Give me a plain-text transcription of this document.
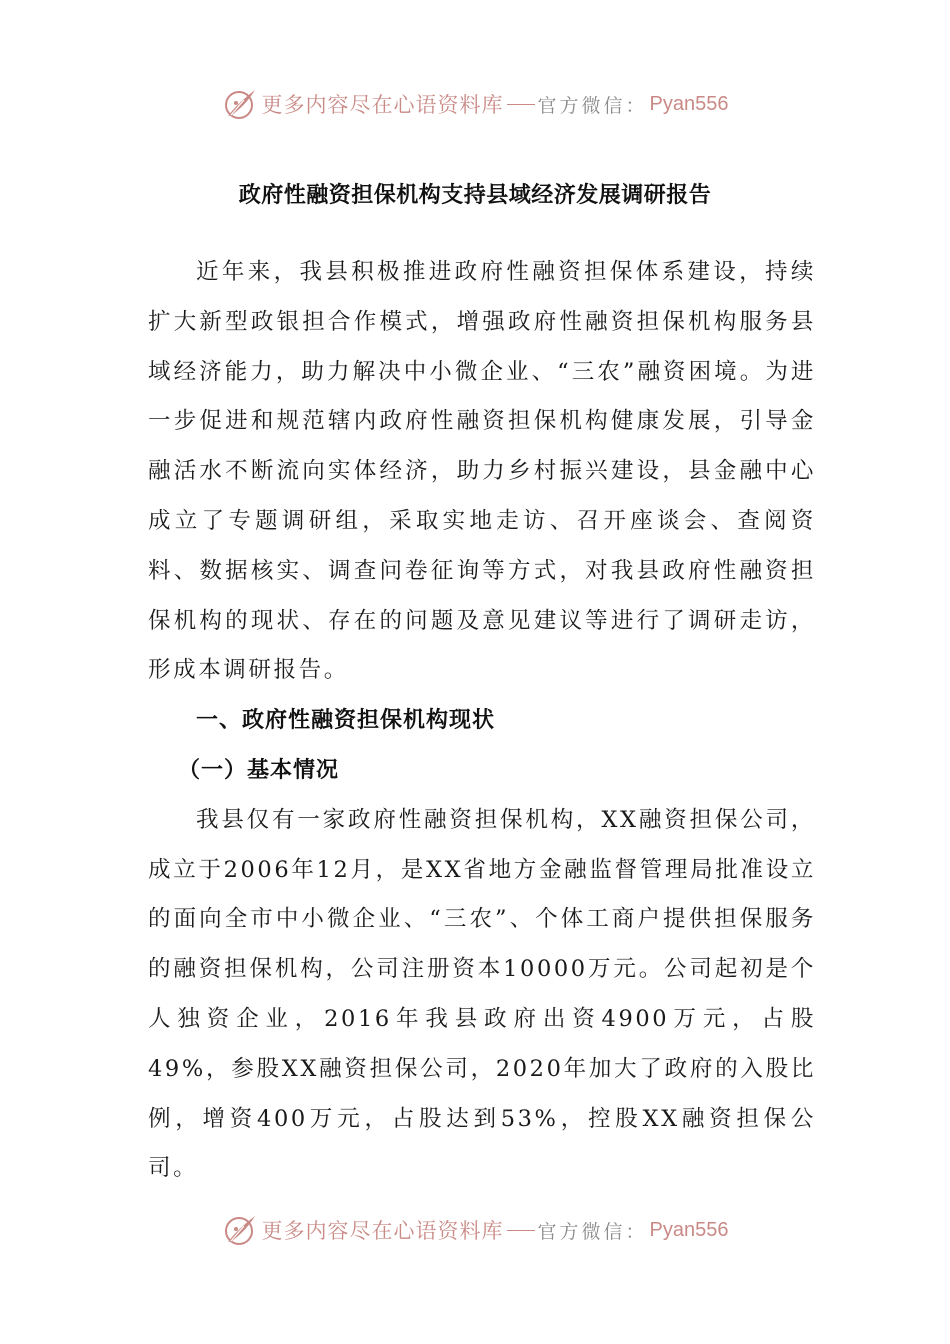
更多内容尽在心语资料库 官方微信： Pyan556
政府性融资担保机构支持县域经济发展调研报告

近年来，我县积极推进政府性融资担保体系建设，持续扩大新型政银担合作模式，增强政府性融资担保机构服务县域经济能力，助力解决中小微企业、“三农”融资困境。为进一步促进和规范辖内政府性融资担保机构健康发展，引导金融活水不断流向实体经济，助力乡村振兴建设，县金融中心成立了专题调研组，采取实地走访、召开座谈会、查阅资料、数据核实、调查问卷征询等方式，对我县政府性融资担保机构的现状、存在的问题及意见建议等进行了调研走访，形成本调研报告。

一、政府性融资担保机构现状

（一）基本情况

我县仅有一家政府性融资担保机构，XX融资担保公司，成立于2006年12月，是XX省地方金融监督管理局批准设立的面向全市中小微企业、“三农”、个体工商户提供担保服务的融资担保机构，公司注册资本10000万元。公司起初是个人独资企业，2016年我县政府出资4900万元，占股49%，参股XX融资担保公司，2020年加大了政府的入股比例，增资400万元，占股达到53%，控股XX融资担保公司。

更多内容尽在心语资料库 官方微信： Pyan556
